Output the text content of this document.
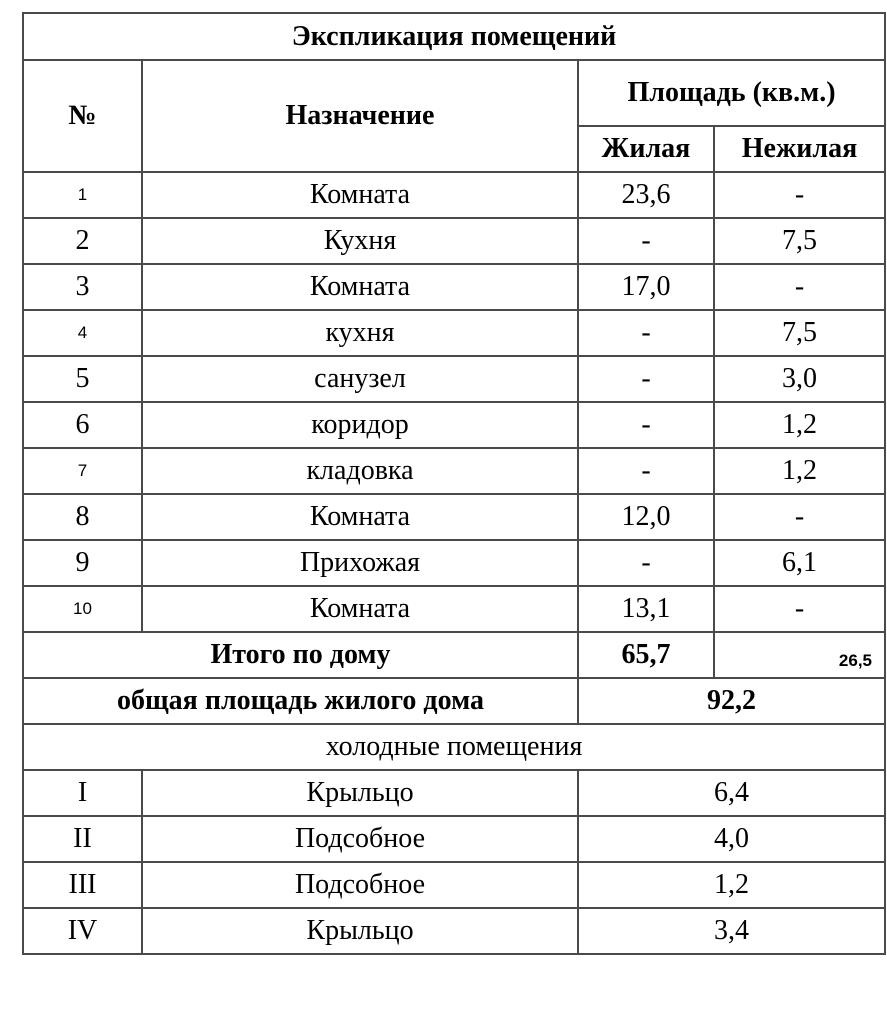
Экспликация помещений			
№	Назначение	Площадь (кв.м.)	
		Жилая	Нежилая
1	Комната	23,6	-
2	Кухня	-	7,5
3	Комната	17,0	-
4	кухня	-	7,5
5	санузел	-	3,0
6	коридор	-	1,2
7	кладовка	-	1,2
8	Комната	12,0	-
9	Прихожая	-	6,1
10	Комната	13,1	-
Итого по дому		65,7	26,5
общая площадь жилого дома		92,2	
холодные помещения			
I	Крыльцо	6,4	
II	Подсобное	4,0	
III	Подсобное	1,2	
IV	Крыльцо	3,4	
